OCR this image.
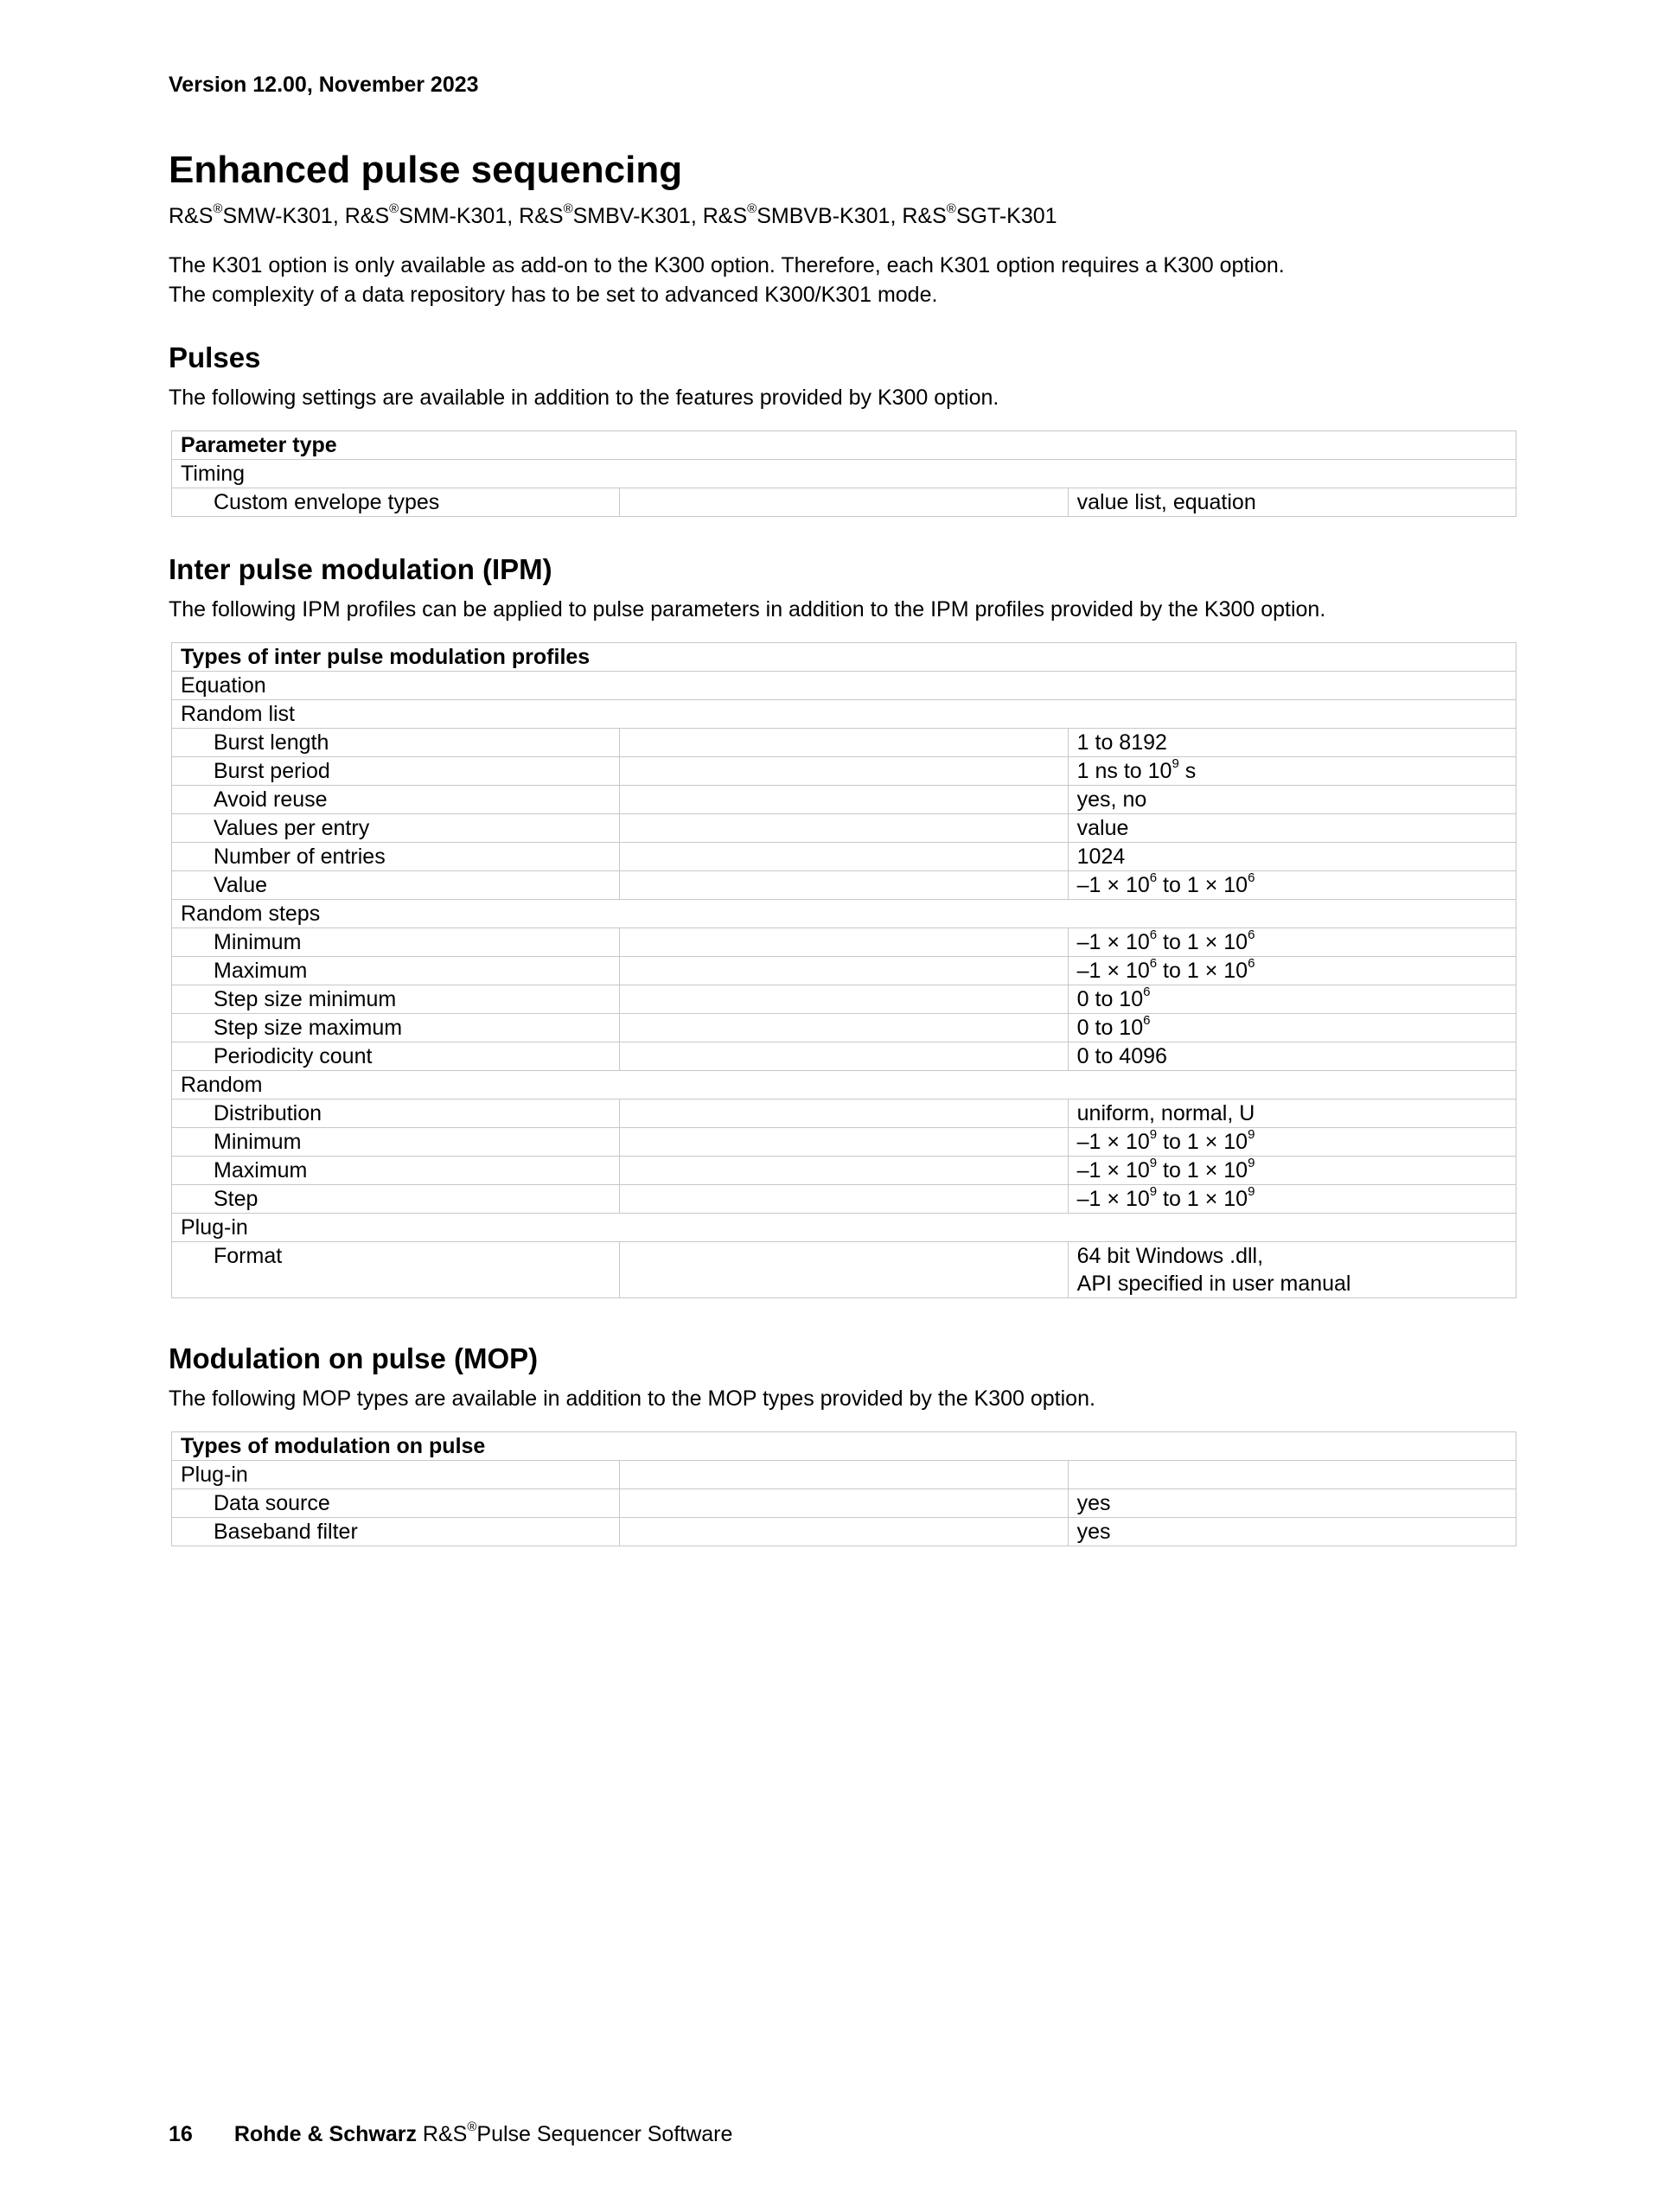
Version 12.00, November 2023
Enhanced pulse sequencing
R&S®SMW-K301, R&S®SMM-K301, R&S®SMBV-K301, R&S®SMBVB-K301, R&S®SGT-K301
The K301 option is only available as add-on to the K300 option. Therefore, each K301 option requires a K300 option.
The complexity of a data repository has to be set to advanced K300/K301 mode.
Pulses
The following settings are available in addition to the features provided by K300 option.
Parameter type
Timing
Custom envelope types		value list, equation
Inter pulse modulation (IPM)
The following IPM profiles can be applied to pulse parameters in addition to the IPM profiles provided by the K300 option.
Types of inter pulse modulation profiles		
Equation		
Random list		
Burst length		1 to 8192
Burst period		1 ns to $10^9$ s
Avoid reuse		yes, no
Values per entry		value
Number of entries		1024
Value		$-1 \times 10^6$ to $1 \times 10^6$
Random steps		
Minimum		$-1 \times 10^6$ to $1 \times 10^6$
Maximum		$-1 \times 10^6$ to $1 \times 10^6$
Step size minimum		0 to $10^6$
Step size maximum		0 to $10^6$
Periodicity count		0 to 4096
Random		
Distribution		uniform, normal, U
Minimum		$-1 \times 10^9$ to $1 \times 10^9$
Maximum		$-1 \times 10^9$ to $1 \times 10^9$
Step		$-1 \times 10^9$ to $1 \times 10^9$
Plug-in		
Format		64 bit Windows .dll,
API specified in user manual
Modulation on pulse (MOP)
The following MOP types are available in addition to the MOP types provided by the K300 option.
Types of modulation on pulse		
Plug-in		
Data source		yes
Baseband filter		yes
16 Rohde & Schwarz R&S®Pulse Sequencer Software
